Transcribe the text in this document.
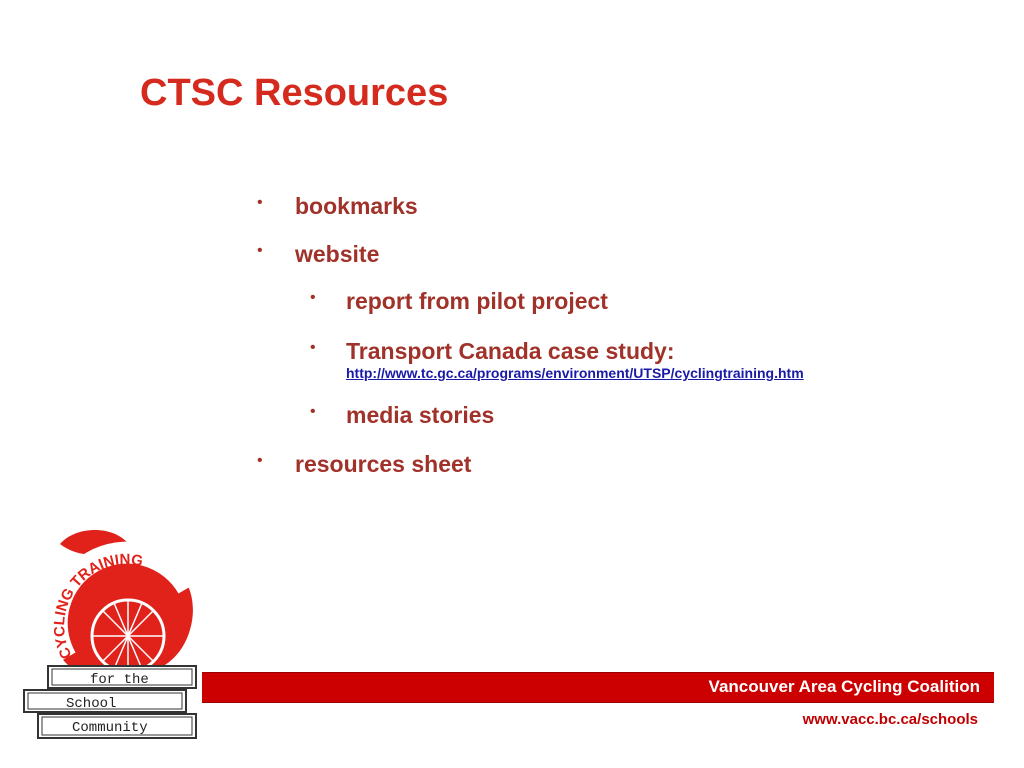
CTSC Resources
• bookmarks
• website
• report from pilot project
• Transport Canada case study:
http://www.tc.gc.ca/programs/environment/UTSP/cyclingtraining.htm
• media stories
• resources sheet
CYCLING TRAINING
for the
School
Community
Vancouver Area Cycling Coalition
www.vacc.bc.ca/schools
